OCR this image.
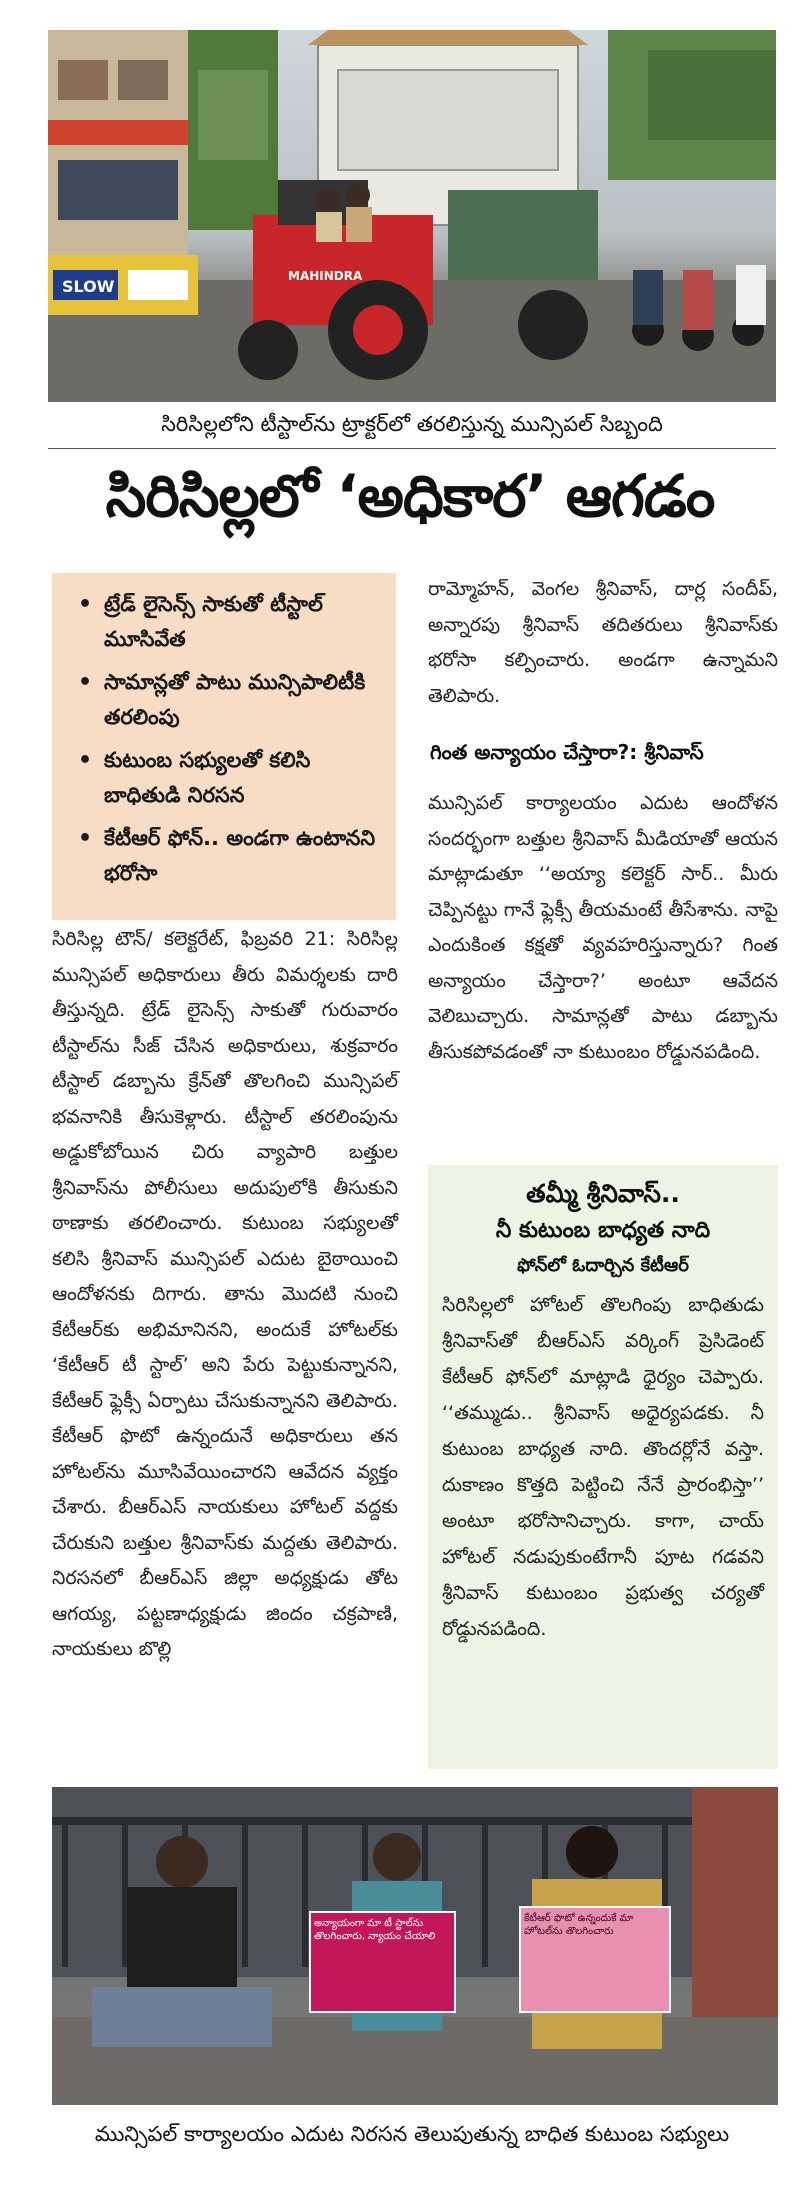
SLOW
MAHINDRA
సిరిసిల్లలోని టీస్టాల్‌ను ట్రాక్టర్‌లో తరలిస్తున్న మున్సిపల్ సిబ్బంది
సిరిసిల్లలో ‘అధికార’ ఆగడం
• ట్రేడ్ లైసెన్స్ సాకుతో టీస్టాల్ మూసివేత
• సామాన్లతో పాటు మున్సిపాలిటీకి తరలింపు
• కుటుంబ సభ్యులతో కలిసి బాధితుడి నిరసన
• కేటీఆర్ ఫోన్.. అండగా ఉంటానని భరోసా
సిరిసిల్ల టౌన్/ కలెక్టరేట్, ఫిబ్రవరి 21: సిరిసిల్ల మున్సిపల్ అధికారులు తీరు విమర్శలకు దారి తీస్తున్నది. ట్రేడ్ లైసెన్స్ సాకుతో గురువారం టీస్టాల్‌ను సీజ్ చేసిన అధికారులు, శుక్రవారం టీస్టాల్ డబ్బాను క్రేన్‌తో తొలగించి మున్సిపల్ భవనానికి తీసుకెళ్లారు. టీస్టాల్ తరలింపును అడ్డుకోబోయిన చిరు వ్యాపారి బత్తుల శ్రీనివాస్‌ను పోలీసులు అదుపులోకి తీసుకుని ఠాణాకు తరలించారు. కుటుంబ సభ్యులతో కలిసి శ్రీనివాస్ మున్సిపల్ ఎదుట బైఠాయించి ఆందోళనకు దిగారు. తాను మొదటి నుంచి కేటీఆర్‌కు అభిమానినని, అందుకే హోటల్‌కు ‘కేటీఆర్ టీ స్టాల్’ అని పేరు పెట్టుకున్నానని, కేటీఆర్ ఫ్లెక్సీ ఏర్పాటు చేసుకున్నానని తెలిపారు. కేటీఆర్ ఫొటో ఉన్నందునే అధికారులు తన హోటల్‌ను మూసివేయించారని ఆవేదన వ్యక్తం చేశారు. బీఆర్‌ఎస్ నాయకులు హోటల్ వద్దకు చేరుకుని బత్తుల శ్రీనివాస్‌కు మద్దతు తెలిపారు. నిరసనలో బీఆర్‌ఎస్ జిల్లా అధ్యక్షుడు తోట ఆగయ్య, పట్టణాధ్యక్షుడు జిందం చక్రపాణి, నాయకులు బొల్లి
రామ్మోహన్, వెంగల శ్రీనివాస్, దార్ల సందీప్, అన్నారపు శ్రీనివాస్ తదితరులు శ్రీనివాస్‌కు భరోసా కల్పించారు. అండగా ఉన్నామని తెలిపారు.
గింత అన్యాయం చేస్తారా?: శ్రీనివాస్
మున్సిపల్ కార్యాలయం ఎదుట ఆందోళన సందర్భంగా బత్తుల శ్రీనివాస్ మీడియాతో ఆయన మాట్లాడుతూ ‘‘అయ్యా కలెక్టర్ సార్.. మీరు చెప్పినట్టు గానే ఫ్లెక్సీ తీయమంటే తీసేశాను. నాపై ఎందుకింత కక్షతో వ్యవహరిస్తున్నారు? గింత అన్యాయం చేస్తారా?’ అంటూ ఆవేదన వెలిబుచ్చారు. సామాన్లతో పాటు డబ్బాను తీసుకపోవడంతో నా కుటుంబం రోడ్డునపడింది.
తమ్మీ శ్రీనివాస్..
నీ కుటుంబ బాధ్యత నాది
ఫోన్‌లో ఓదార్చిన కేటీఆర్
సిరిసిల్లలో హోటల్ తొలగింపు బాధితుడు శ్రీనివాస్‌తో బీఆర్‌ఎస్ వర్కింగ్ ప్రెసిడెంట్ కేటీఆర్ ఫోన్‌లో మాట్లాడి ధైర్యం చెప్పారు. ‘‘తమ్ముడు.. శ్రీనివాస్ అధైర్యపడకు. నీ కుటుంబ బాధ్యత నాది. తొందర్లోనే వస్తా. దుకాణం కొత్తది పెట్టించి నేనే ప్రారంభిస్తా’’ అంటూ భరోసానిచ్చారు. కాగా, చాయ్ హోటల్ నడుపుకుంటేగానీ పూట గడవని శ్రీనివాస్ కుటుంబం ప్రభుత్వ చర్యతో రోడ్డునపడింది.
అన్యాయంగా మా టీ స్టాల్‌ను తొలగించారు, న్యాయం చేయాలి
కేటీఆర్ ఫొటో ఉన్నందుకే మా హోటల్‌ను తొలగించారు
మున్సిపల్ కార్యాలయం ఎదుట నిరసన తెలుపుతున్న బాధిత కుటుంబ సభ్యులు
